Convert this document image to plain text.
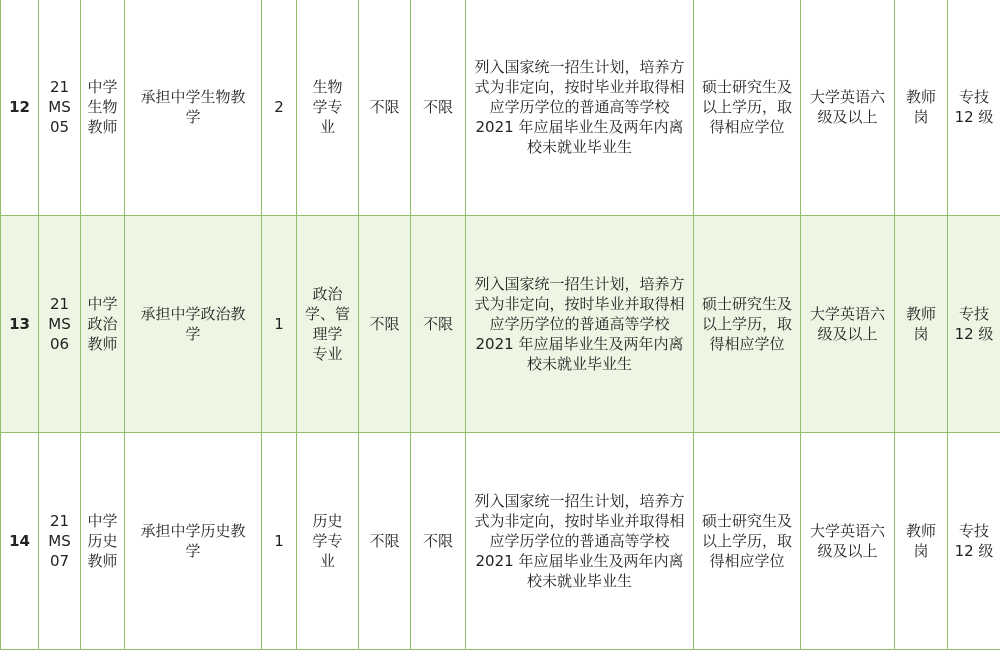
12	21
MS
05	中学
生物
教师	承担中学生物教
学	2	生物
学专
业	不限	不限	列入国家统一招生计划，培养方
式为非定向，按时毕业并取得相
应学历学位的普通高等学校
2021 年应届毕业生及两年内离
校未就业毕业生	硕士研究生及
以上学历，取
得相应学位	大学英语六
级及以上	教师
岗	专技
12 级

13	21
MS
06	中学
政治
教师	承担中学政治教
学	1	政治
学、管
理学
专业	不限	不限	列入国家统一招生计划，培养方
式为非定向，按时毕业并取得相
应学历学位的普通高等学校
2021 年应届毕业生及两年内离
校未就业毕业生	硕士研究生及
以上学历，取
得相应学位	大学英语六
级及以上	教师
岗	专技
12 级

14	21
MS
07	中学
历史
教师	承担中学历史教
学	1	历史
学专
业	不限	不限	列入国家统一招生计划，培养方
式为非定向，按时毕业并取得相
应学历学位的普通高等学校
2021 年应届毕业生及两年内离
校未就业毕业生	硕士研究生及
以上学历，取
得相应学位	大学英语六
级及以上	教师
岗	专技
12 级
